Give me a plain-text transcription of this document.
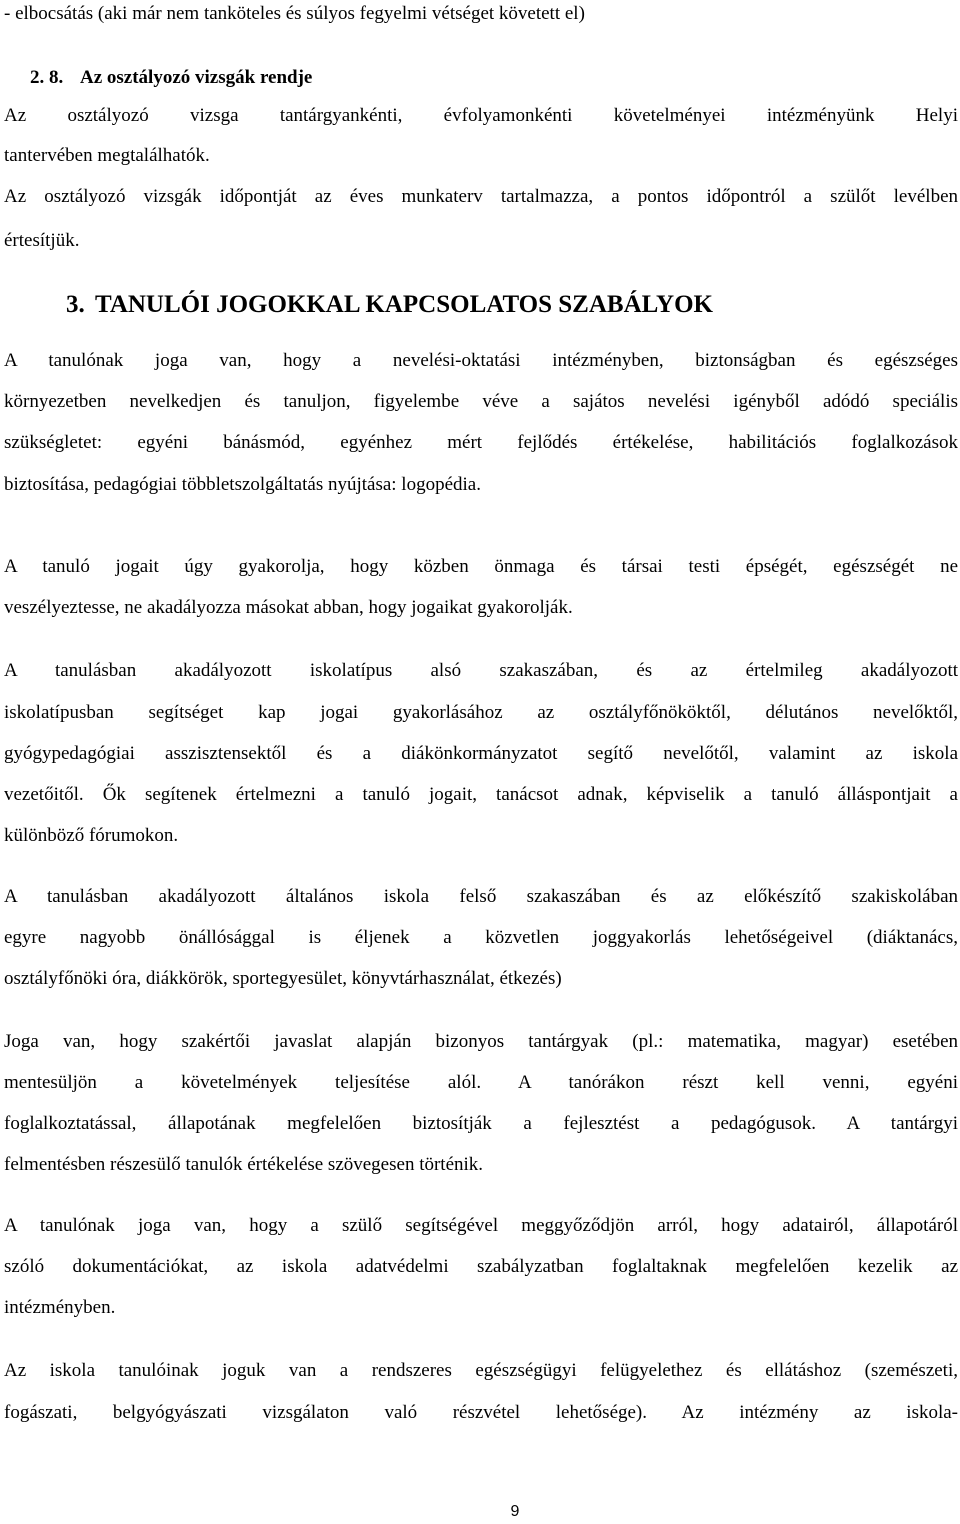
- elbocsátás (aki már nem tanköteles és súlyos fegyelmi vétséget követett el)
2. 8. Az osztályozó vizsgák rendje
Az osztályozó vizsga tantárgyankénti, évfolyamonkénti követelményei intézményünk Helyi
tantervében megtalálhatók.
Az osztályozó vizsgák időpontját az éves munkaterv tartalmazza, a pontos időpontról a szülőt levélben
értesítjük.
3. TANULÓI JOGOKKAL KAPCSOLATOS SZABÁLYOK
A tanulónak joga van, hogy a nevelési-oktatási intézményben, biztonságban és egészséges
környezetben nevelkedjen és tanuljon, figyelembe véve a sajátos nevelési igényből adódó speciális
szükségletet: egyéni bánásmód, egyénhez mért fejlődés értékelése, habilitációs foglalkozások
biztosítása, pedagógiai többletszolgáltatás nyújtása: logopédia.
A tanuló jogait úgy gyakorolja, hogy közben önmaga és társai testi épségét, egészségét ne
veszélyeztesse, ne akadályozza másokat abban, hogy jogaikat gyakorolják.
A tanulásban akadályozott iskolatípus alsó szakaszában, és az értelmileg akadályozott
iskolatípusban segítséget kap jogai gyakorlásához az osztályfőnököktől, délutános nevelőktől,
gyógypedagógiai asszisztensektől és a diákönkormányzatot segítő nevelőtől, valamint az iskola
vezetőitől. Ők segítenek értelmezni a tanuló jogait, tanácsot adnak, képviselik a tanuló álláspontjait a
különböző fórumokon.
A tanulásban akadályozott általános iskola felső szakaszában és az előkészítő szakiskolában
egyre nagyobb önállósággal is éljenek a közvetlen joggyakorlás lehetőségeivel (diáktanács,
osztályfőnöki óra, diákkörök, sportegyesület, könyvtárhasználat, étkezés)
Joga van, hogy szakértői javaslat alapján bizonyos tantárgyak (pl.: matematika, magyar) esetében
mentesüljön a követelmények teljesítése alól. A tanórákon részt kell venni, egyéni
foglalkoztatással, állapotának megfelelően biztosítják a fejlesztést a pedagógusok. A tantárgyi
felmentésben részesülő tanulók értékelése szövegesen történik.
A tanulónak joga van, hogy a szülő segítségével meggyőződjön arról, hogy adatairól, állapotáról
szóló dokumentációkat, az iskola adatvédelmi szabályzatban foglaltaknak megfelelően kezelik az
intézményben.
Az iskola tanulóinak joguk van a rendszeres egészségügyi felügyelethez és ellátáshoz (szemészeti,
fogászati, belgyógyászati vizsgálaton való részvétel lehetősége). Az intézmény az iskola-
9
